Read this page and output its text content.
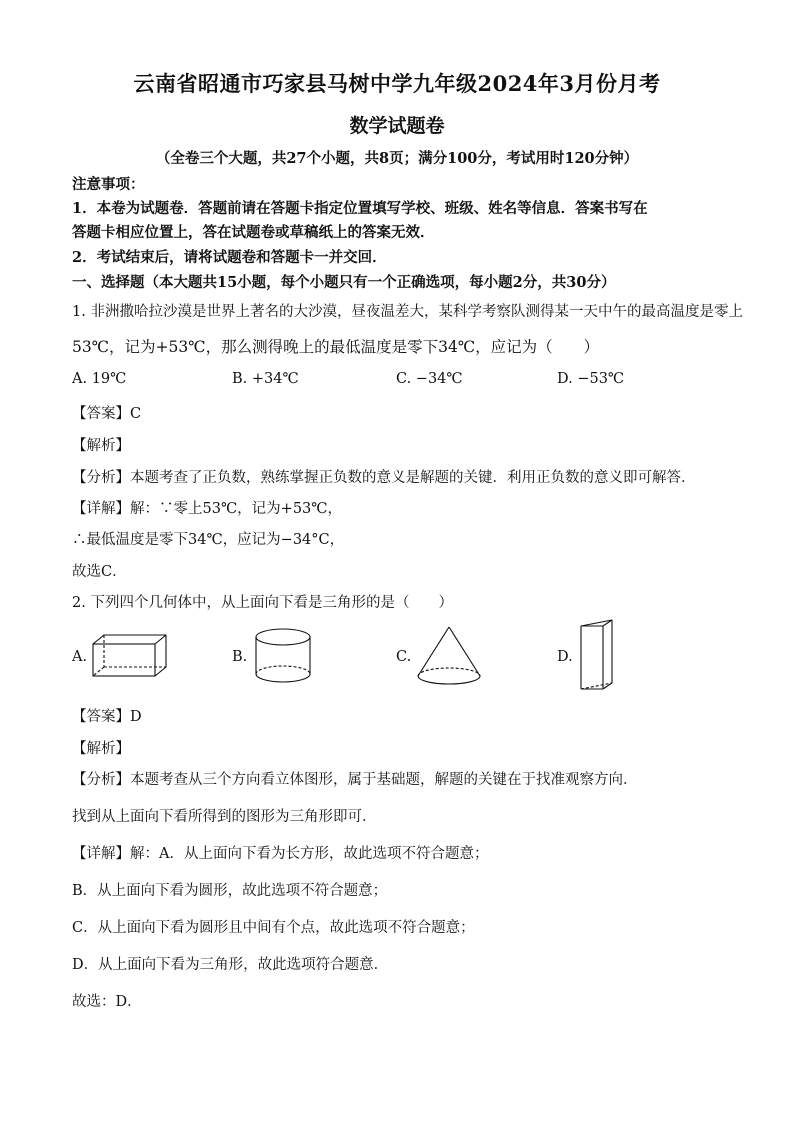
云南省昭通市巧家县马树中学九年级2024年3月份月考
数学试题卷
（全卷三个大题，共27个小题，共8页；满分100分，考试用时120分钟）
注意事项：
1．本卷为试题卷．答题前请在答题卡指定位置填写学校、班级、姓名等信息．答案书写在
答题卡相应位置上，答在试题卷或草稿纸上的答案无效．
2．考试结束后，请将试题卷和答题卡一并交回．
一、选择题（本大题共15小题，每个小题只有一个正确选项，每小题2分，共30分）
1. 非洲撒哈拉沙漠是世界上著名的大沙漠，昼夜温差大，某科学考察队测得某一天中午的最高温度是零上
53℃，记为+53℃，那么测得晚上的最低温度是零下34℃，应记为（　　）
A. 19℃	B. +34℃	C. −34℃	D. −53℃
【答案】C
【解析】
【分析】本题考查了正负数，熟练掌握正负数的意义是解题的关键．利用正负数的意义即可解答．
【详解】解：∵零上53℃，记为+53℃，
∴最低温度是零下34℃，应记为−34°C，
故选C．
2. 下列四个几何体中，从上面向下看是三角形的是（　　）
A.	B.	C.	D.
【答案】D
【解析】
【分析】本题考查从三个方向看立体图形，属于基础题，解题的关键在于找准观察方向．
找到从上面向下看所得到的图形为三角形即可．
【详解】解：A．从上面向下看为长方形，故此选项不符合题意；
B．从上面向下看为圆形，故此选项不符合题意；
C．从上面向下看为圆形且中间有个点，故此选项不符合题意；
D．从上面向下看为三角形，故此选项符合题意．
故选：D．
